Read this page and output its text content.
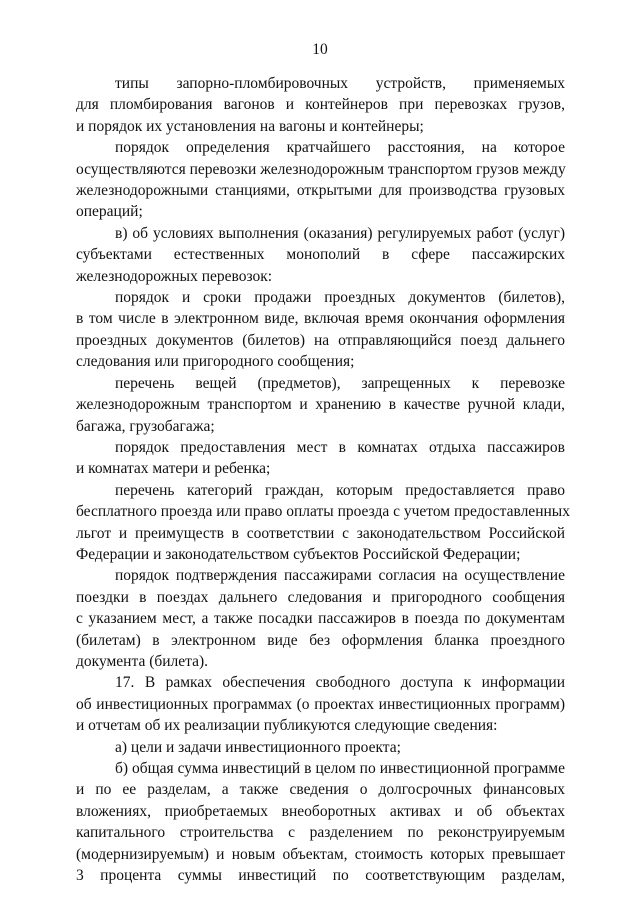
10
типы запорно-пломбировочных устройств, применяемых
для пломбирования вагонов и контейнеров при перевозках грузов,
и порядок их установления на вагоны и контейнеры;
порядок определения кратчайшего расстояния, на которое
осуществляются перевозки железнодорожным транспортом грузов между
железнодорожными станциями, открытыми для производства грузовых
операций;
в) об условиях выполнения (оказания) регулируемых работ (услуг)
субъектами естественных монополий в сфере пассажирских
железнодорожных перевозок:
порядок и сроки продажи проездных документов (билетов),
в том числе в электронном виде, включая время окончания оформления
проездных документов (билетов) на отправляющийся поезд дальнего
следования или пригородного сообщения;
перечень вещей (предметов), запрещенных к перевозке
железнодорожным транспортом и хранению в качестве ручной клади,
багажа, грузобагажа;
порядок предоставления мест в комнатах отдыха пассажиров
и комнатах матери и ребенка;
перечень категорий граждан, которым предоставляется право
бесплатного проезда или право оплаты проезда с учетом предоставленных
льгот и преимуществ в соответствии с законодательством Российской
Федерации и законодательством субъектов Российской Федерации;
порядок подтверждения пассажирами согласия на осуществление
поездки в поездах дальнего следования и пригородного сообщения
с указанием мест, а также посадки пассажиров в поезда по документам
(билетам) в электронном виде без оформления бланка проездного
документа (билета).
17. В рамках обеспечения свободного доступа к информации
об инвестиционных программах (о проектах инвестиционных программ)
и отчетам об их реализации публикуются следующие сведения:
а) цели и задачи инвестиционного проекта;
б) общая сумма инвестиций в целом по инвестиционной программе
и по ее разделам, а также сведения о долгосрочных финансовых
вложениях, приобретаемых внеоборотных активах и об объектах
капитального строительства с разделением по реконструируемым
(модернизируемым) и новым объектам, стоимость которых превышает
3 процента суммы инвестиций по соответствующим разделам,
